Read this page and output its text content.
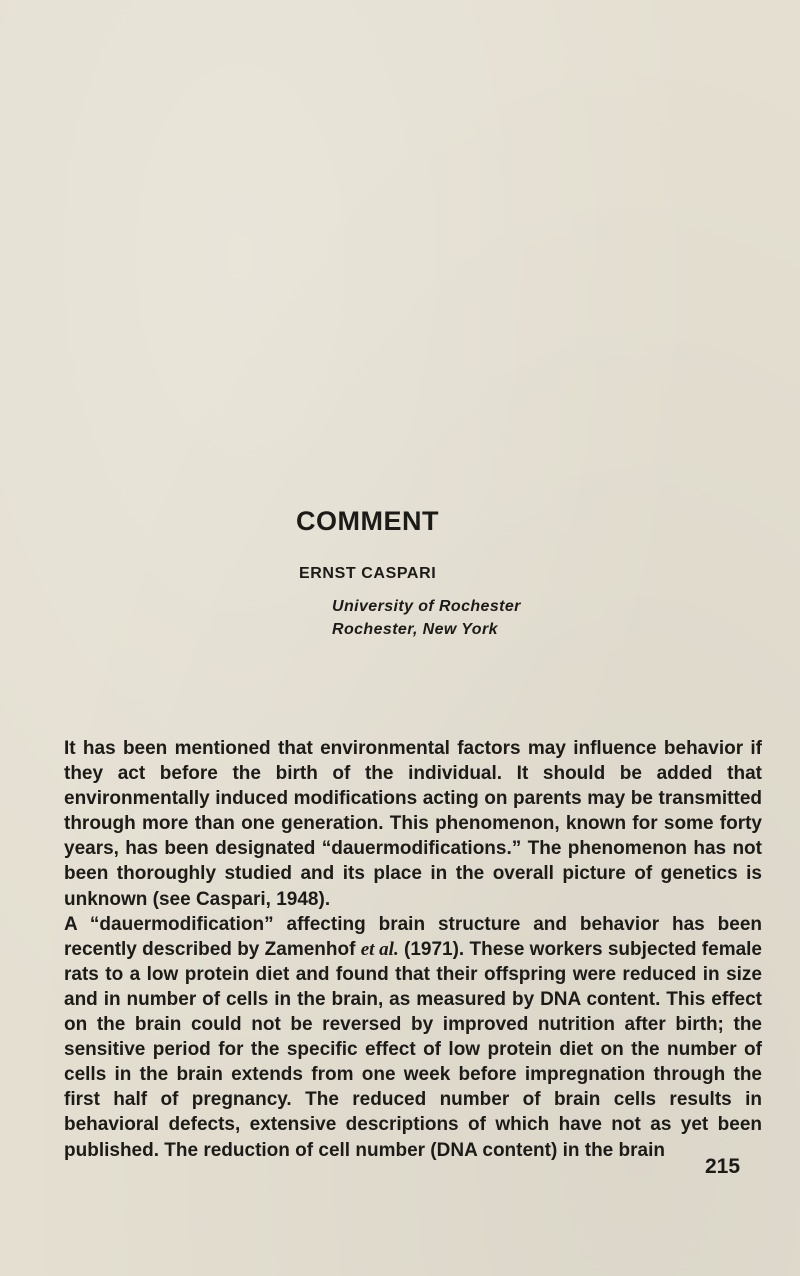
COMMENT
ERNST CASPARI
University of Rochester
Rochester, New York

It has been mentioned that environmental factors may influence behavior if they act before the birth of the individual. It should be added that environmentally induced modifications acting on parents may be transmitted through more than one generation. This phenomenon, known for some forty years, has been designated “dauermodifications.” The phenomenon has not been thoroughly studied and its place in the overall picture of genetics is unknown (see Caspari, 1948).

A “dauermodification” affecting brain structure and behavior has been recently described by Zamenhof et al. (1971). These workers subjected female rats to a low protein diet and found that their offspring were reduced in size and in number of cells in the brain, as measured by DNA content. This effect on the brain could not be reversed by improved nutrition after birth; the sensitive period for the specific effect of low protein diet on the number of cells in the brain extends from one week before impregnation through the first half of pregnancy. The reduced number of brain cells results in behavioral defects, extensive descriptions of which have not as yet been published. The reduction of cell number (DNA content) in the brain

215
